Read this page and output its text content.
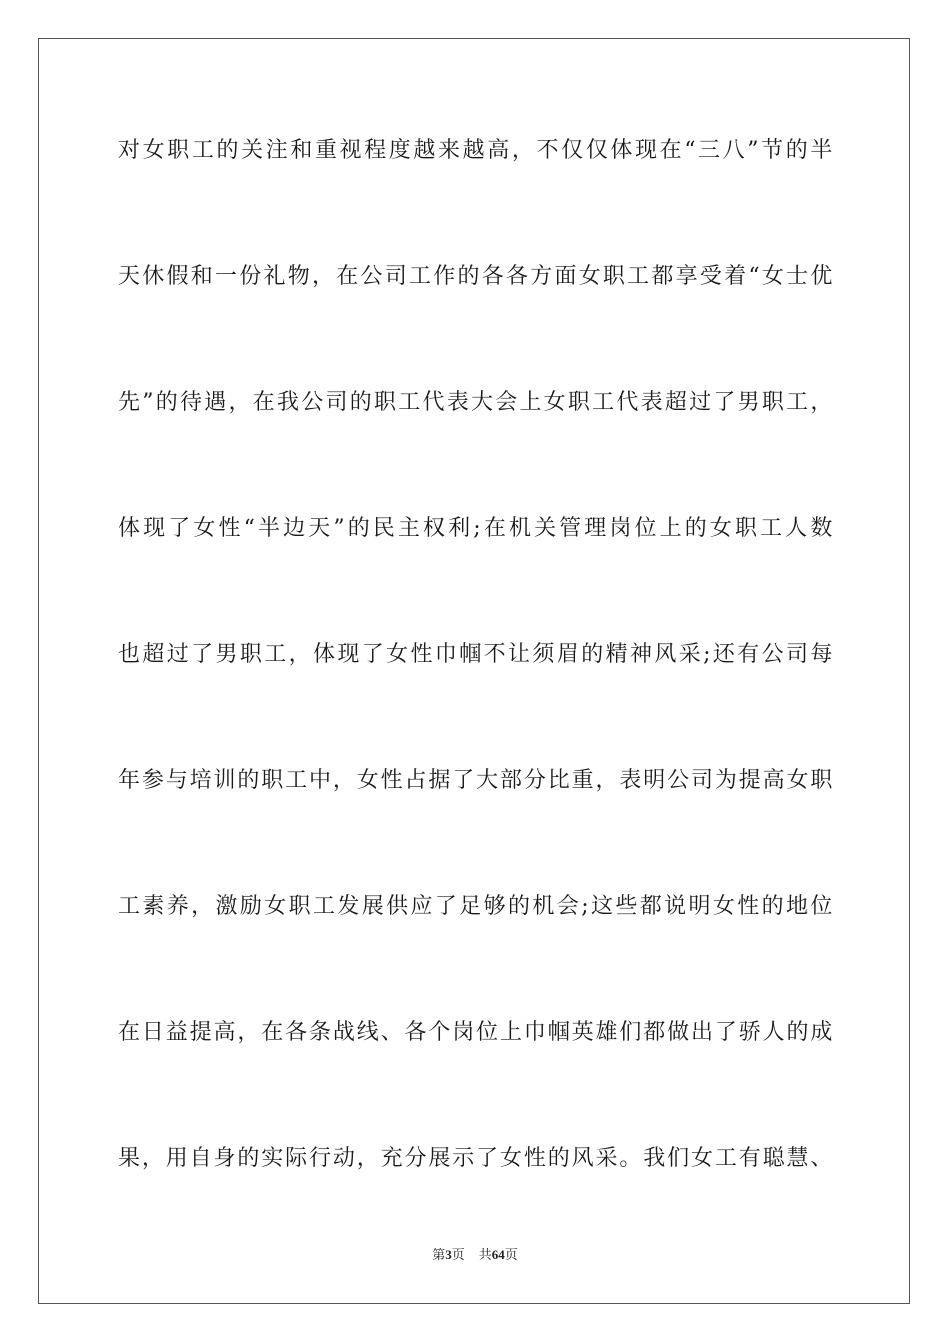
对女职工的关注和重视程度越来越高，不仅仅体现在“三八”节的半
天休假和一份礼物，在公司工作的各各方面女职工都享受着“女士优
先”的待遇，在我公司的职工代表大会上女职工代表超过了男职工，
体现了女性“半边天”的民主权利;在机关管理岗位上的女职工人数
也超过了男职工，体现了女性巾帼不让须眉的精神风采;还有公司每
年参与培训的职工中，女性占据了大部分比重，表明公司为提高女职
工素养，激励女职工发展供应了足够的机会;这些都说明女性的地位
在日益提高，在各条战线、各个岗位上巾帼英雄们都做出了骄人的成
果，用自身的实际行动，充分展示了女性的风采。我们女工有聪慧、
第3页 共64页
